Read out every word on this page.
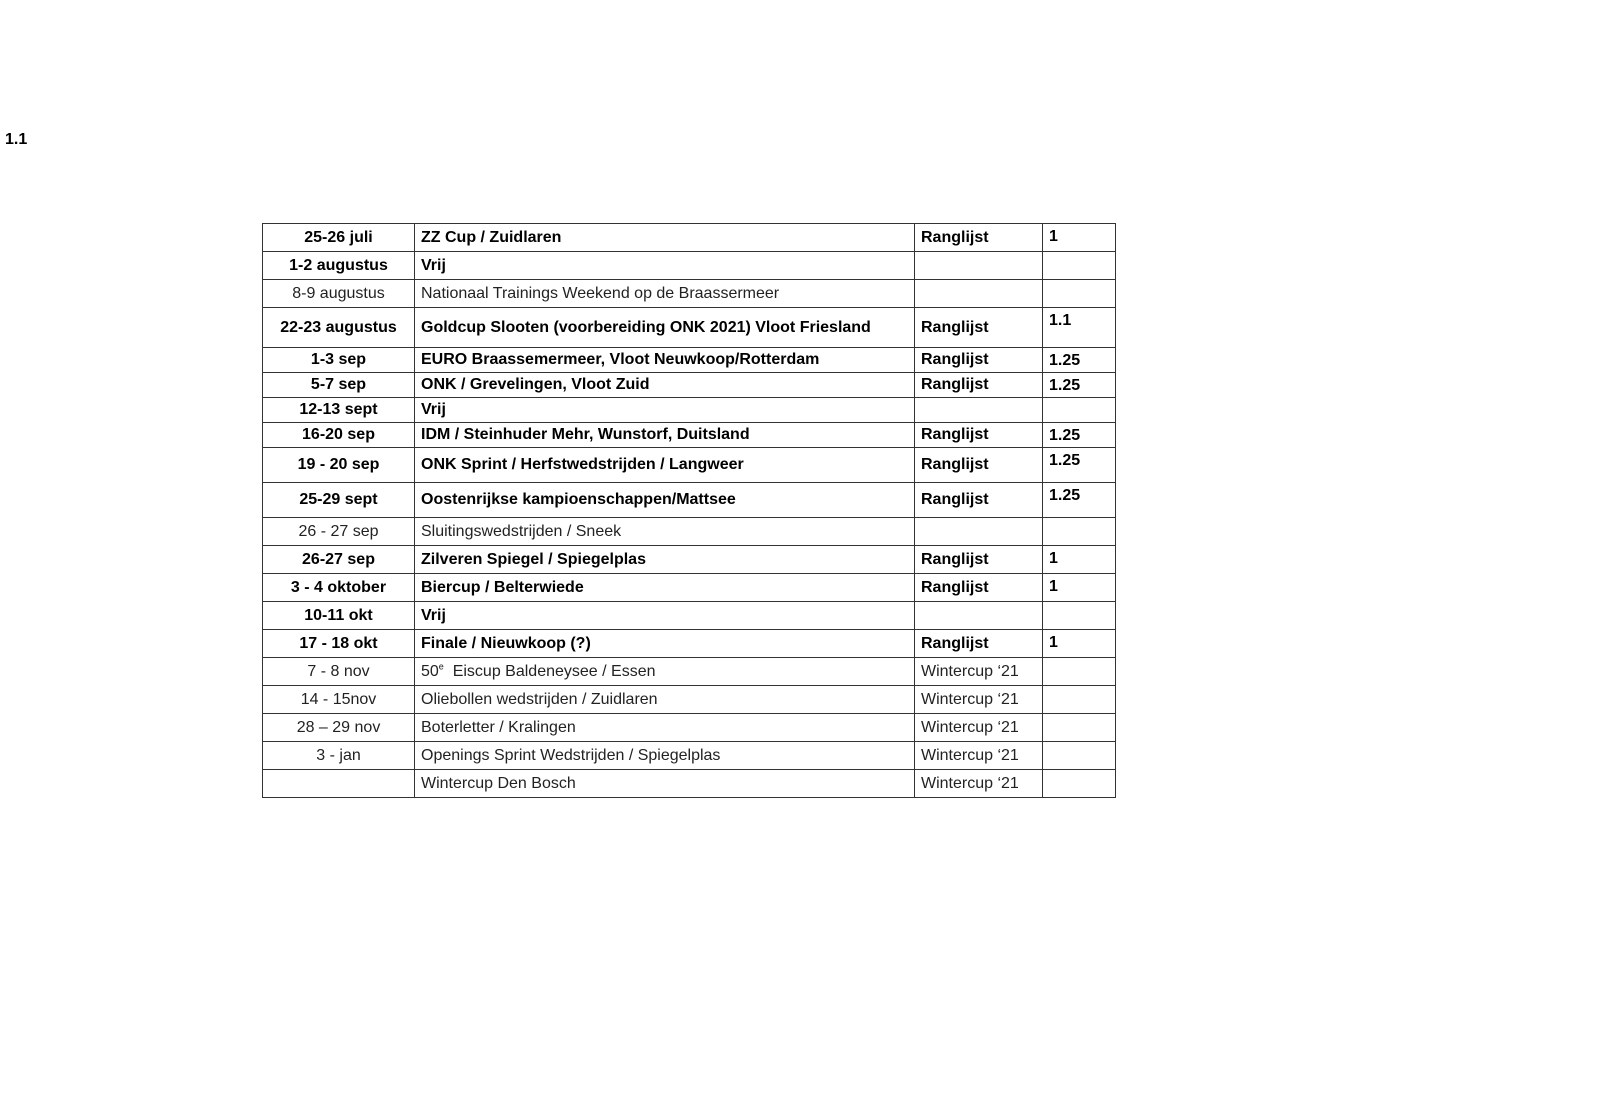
1.1
25-26 juli	ZZ Cup / Zuidlaren	Ranglijst	1
1-2 augustus	Vrij		
8-9 augustus	Nationaal Trainings Weekend op de Braassermeer		
22-23 augustus	Goldcup Slooten (voorbereiding ONK 2021) Vloot Friesland	Ranglijst	1.1
1-3 sep	EURO Braassemermeer, Vloot Neuwkoop/Rotterdam	Ranglijst	1.25
5-7 sep	ONK / Grevelingen, Vloot Zuid	Ranglijst	1.25
12-13 sept	Vrij		
16-20 sep	IDM / Steinhuder Mehr, Wunstorf, Duitsland	Ranglijst	1.25
19 - 20 sep	ONK Sprint / Herfstwedstrijden / Langweer	Ranglijst	1.25
25-29 sept	Oostenrijkse kampioenschappen/Mattsee	Ranglijst	1.25
26 - 27 sep	Sluitingswedstrijden / Sneek		
26-27 sep	Zilveren Spiegel / Spiegelplas	Ranglijst	1
3 - 4 oktober	Biercup / Belterwiede	Ranglijst	1
10-11 okt	Vrij		
17 - 18 okt	Finale / Nieuwkoop (?)	Ranglijst	1
7 - 8 nov	50e  Eiscup Baldeneysee / Essen	Wintercup ‘21	
14 - 15nov	Oliebollen wedstrijden / Zuidlaren	Wintercup ‘21	
28 – 29 nov	Boterletter / Kralingen	Wintercup ‘21	
3 - jan	Openings Sprint Wedstrijden / Spiegelplas	Wintercup ‘21	
	Wintercup Den Bosch	Wintercup ‘21	
